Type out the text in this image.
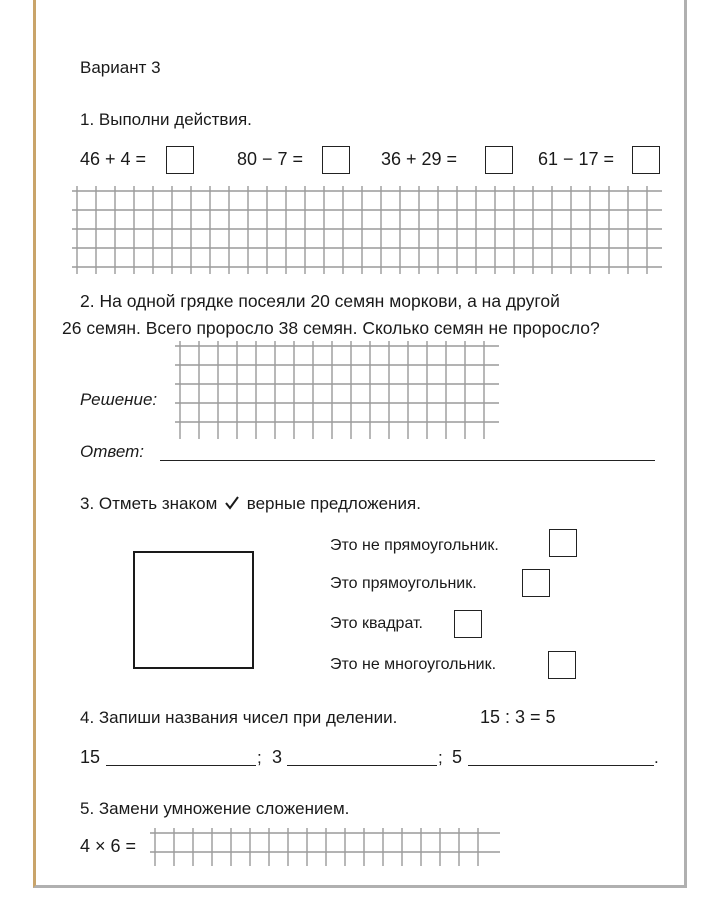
Вариант 3
1. Выполни действия.
46 + 4 =	80 − 7 =	36 + 29 =	61 − 17 =
2. На одной грядке посеяли 20 семян моркови, а на другой
26 семян. Всего проросло 38 семян. Сколько семян не проросло?
Решение:
Ответ:
3. Отметь знаком верные предложения.
Это не прямоугольник.
Это прямоугольник.
Это квадрат.
Это не многоугольник.
4. Запиши названия чисел при делении.	15 : 3 = 5
15	; 3	; 5	.
5. Замени умножение сложением.
4 × 6 =
